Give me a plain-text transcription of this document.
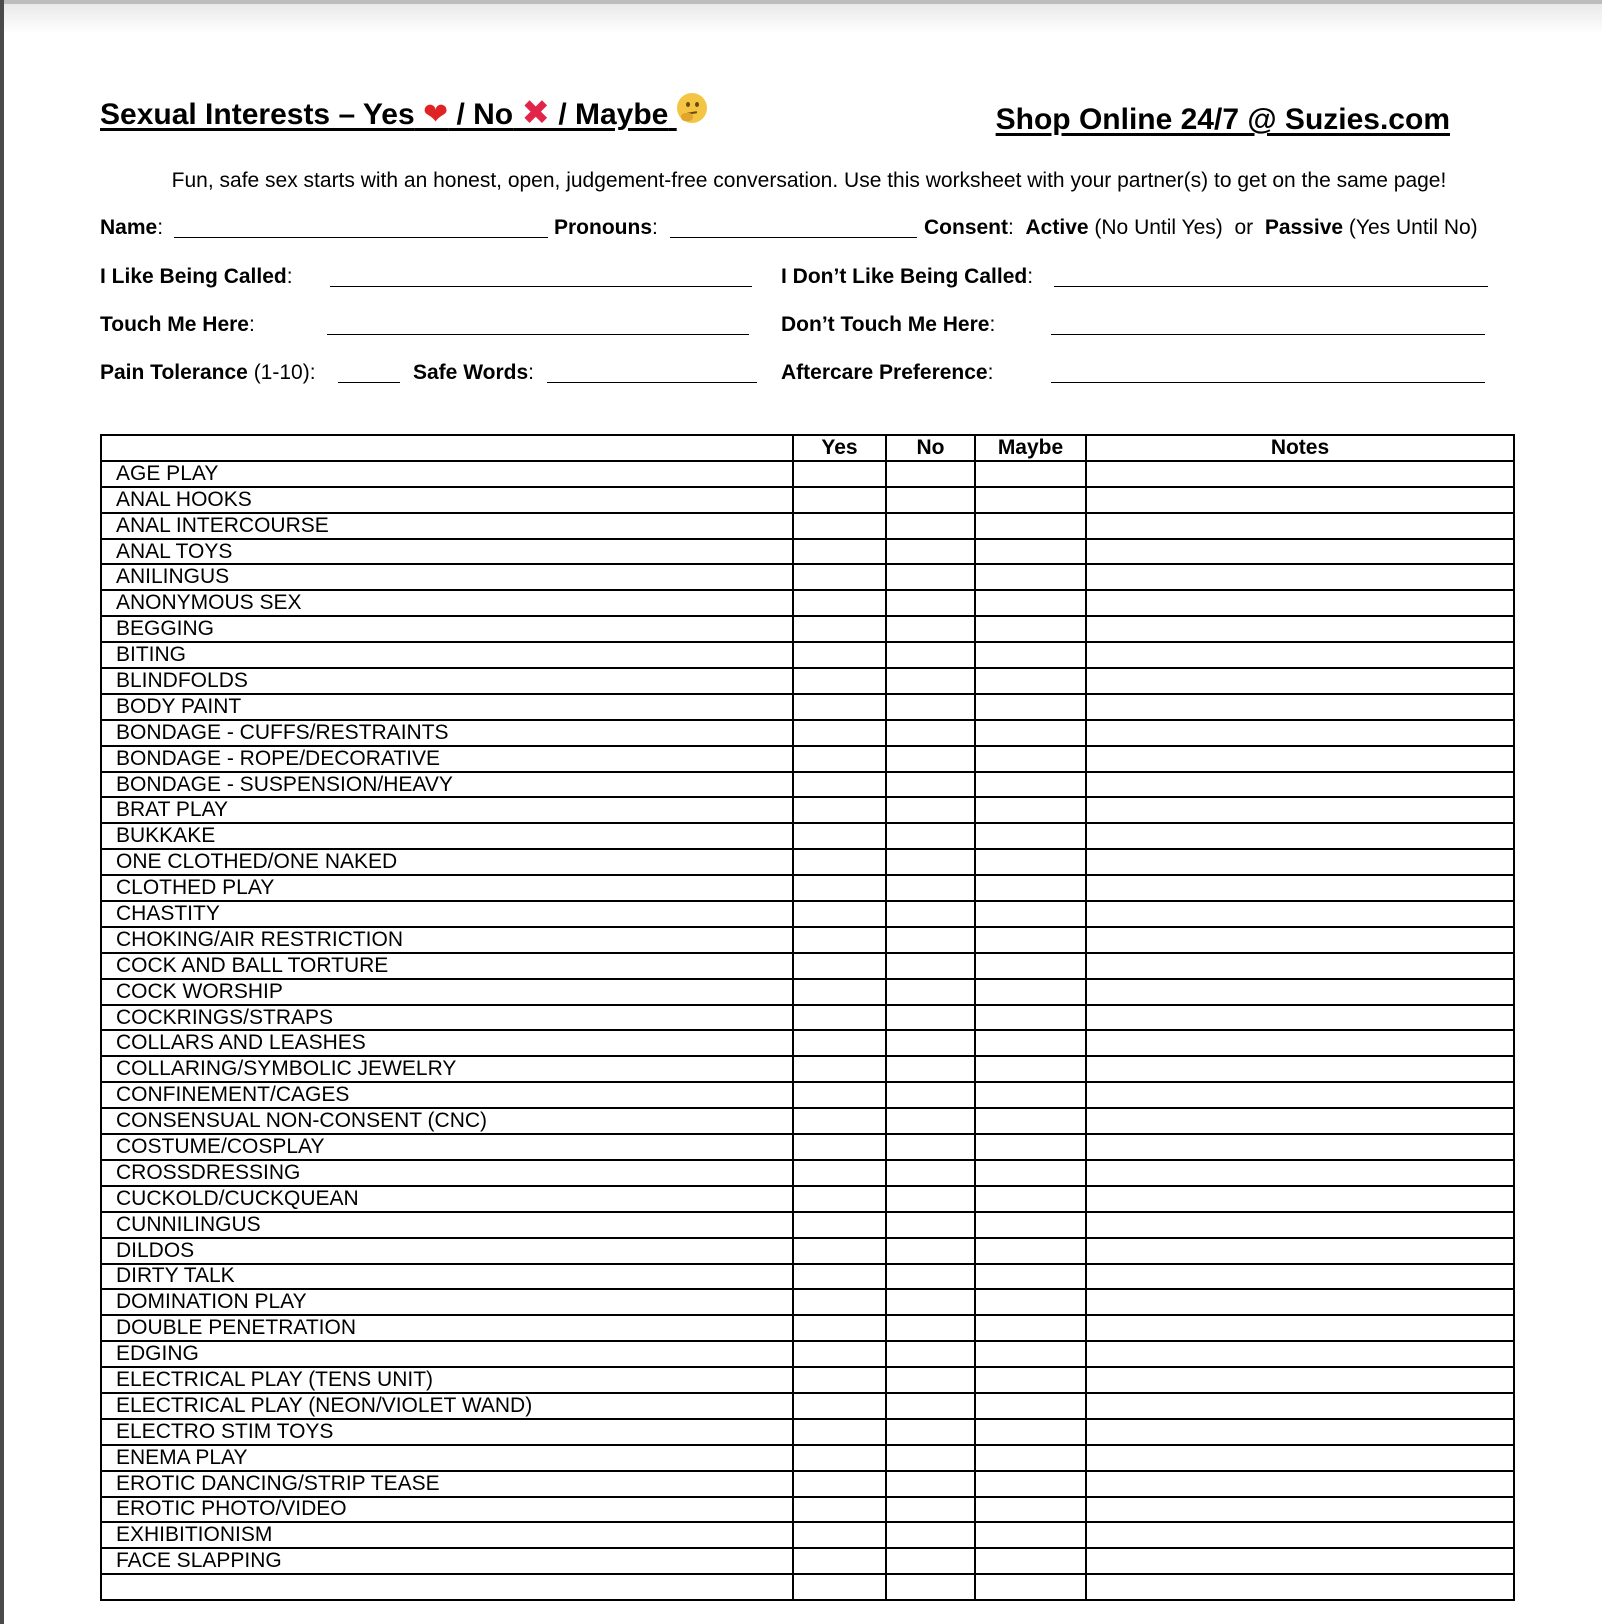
Sexual Interests – Yes ❤ / No ✖ / Maybe	Shop Online 24/7 @ Suzies.com
Fun, safe sex starts with an honest, open, judgement-free conversation. Use this worksheet with your partner(s) to get on the same page!
Name:	Pronouns:	Consent: Active (No Until Yes) or Passive (Yes Until No)
I Like Being Called:	I Don’t Like Being Called:
Touch Me Here:	Don’t Touch Me Here:
Pain Tolerance (1-10):	Safe Words:	Aftercare Preference:
	Yes	No	Maybe	Notes
AGE PLAY				
ANAL HOOKS				
ANAL INTERCOURSE				
ANAL TOYS				
ANILINGUS				
ANONYMOUS SEX				
BEGGING				
BITING				
BLINDFOLDS				
BODY PAINT				
BONDAGE - CUFFS/RESTRAINTS				
BONDAGE - ROPE/DECORATIVE				
BONDAGE - SUSPENSION/HEAVY				
BRAT PLAY				
BUKKAKE				
ONE CLOTHED/ONE NAKED				
CLOTHED PLAY				
CHASTITY				
CHOKING/AIR RESTRICTION				
COCK AND BALL TORTURE				
COCK WORSHIP				
COCKRINGS/STRAPS				
COLLARS AND LEASHES				
COLLARING/SYMBOLIC JEWELRY				
CONFINEMENT/CAGES				
CONSENSUAL NON-CONSENT (CNC)				
COSTUME/COSPLAY				
CROSSDRESSING				
CUCKOLD/CUCKQUEAN				
CUNNILINGUS				
DILDOS				
DIRTY TALK				
DOMINATION PLAY				
DOUBLE PENETRATION				
EDGING				
ELECTRICAL PLAY (TENS UNIT)				
ELECTRICAL PLAY (NEON/VIOLET WAND)				
ELECTRO STIM TOYS				
ENEMA PLAY				
EROTIC DANCING/STRIP TEASE				
EROTIC PHOTO/VIDEO				
EXHIBITIONISM				
FACE SLAPPING				
